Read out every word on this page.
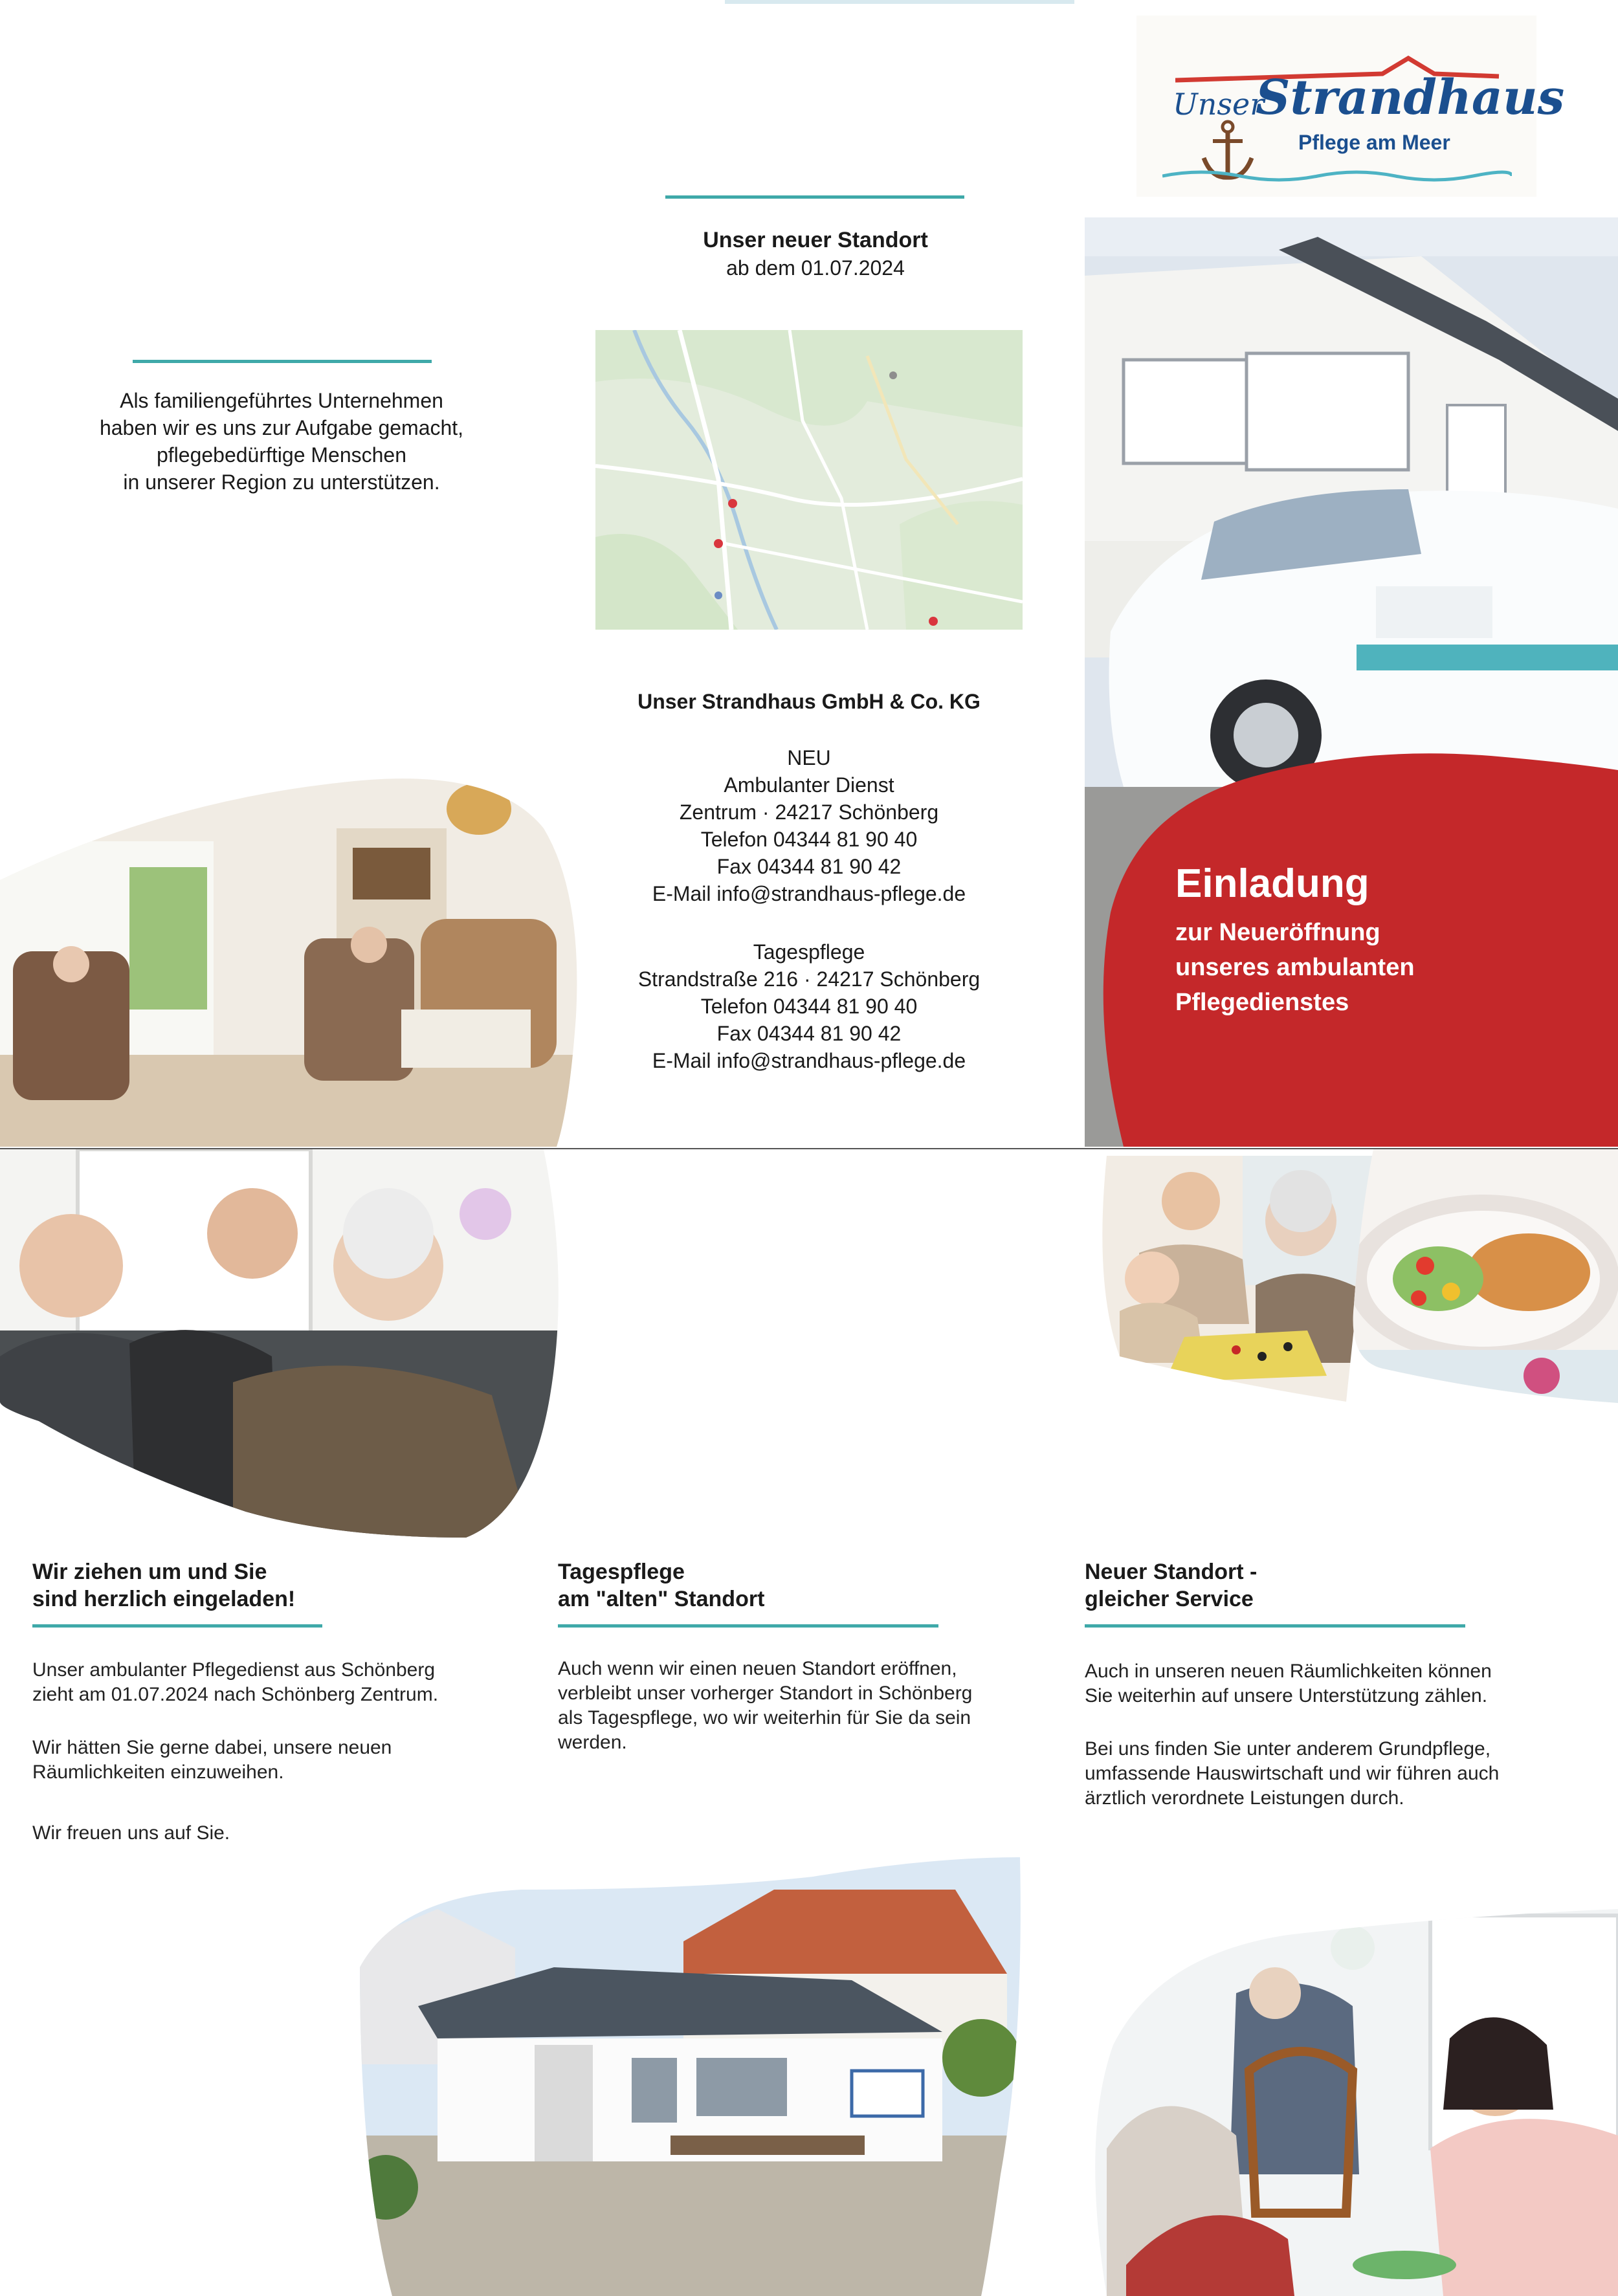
Unser
Strandhaus
Pflege am Meer
Als familiengeführtes Unternehmen
haben wir es uns zur Aufgabe gemacht,
pflegebedürftige Menschen
in unserer Region zu unterstützen.
Unser neuer Standort
ab dem 01.07.2024
Unser Strandhaus GmbH & Co. KG
NEU
Ambulanter Dienst
Zentrum · 24217 Schönberg
Telefon 04344 81 90 40
Fax 04344 81 90 42
E-Mail info@strandhaus-pflege.de
Tagespflege
Strandstraße 216 · 24217 Schönberg
Telefon 04344 81 90 40
Fax 04344 81 90 42
E-Mail info@strandhaus-pflege.de
Einladung
zur Neueröffnung
unseres ambulanten
Pflegedienstes
Wir ziehen um und Sie
sind herzlich eingeladen!
Unser ambulanter Pflegedienst aus Schönberg
zieht am 01.07.2024 nach Schönberg Zentrum.
Wir hätten Sie gerne dabei, unsere neuen
Räumlichkeiten einzuweihen.
Wir freuen uns auf Sie.
Tagespflege
am "alten" Standort
Auch wenn wir einen neuen Standort eröffnen,
verbleibt unser vorherger Standort in Schönberg
als Tagespflege, wo wir weiterhin für Sie da sein
werden.
Neuer Standort -
gleicher Service
Auch in unseren neuen Räumlichkeiten können
Sie weiterhin auf unsere Unterstützung zählen.
Bei uns finden Sie unter anderem Grundpflege,
umfassende Hauswirtschaft und wir führen auch
ärztlich verordnete Leistungen durch.
